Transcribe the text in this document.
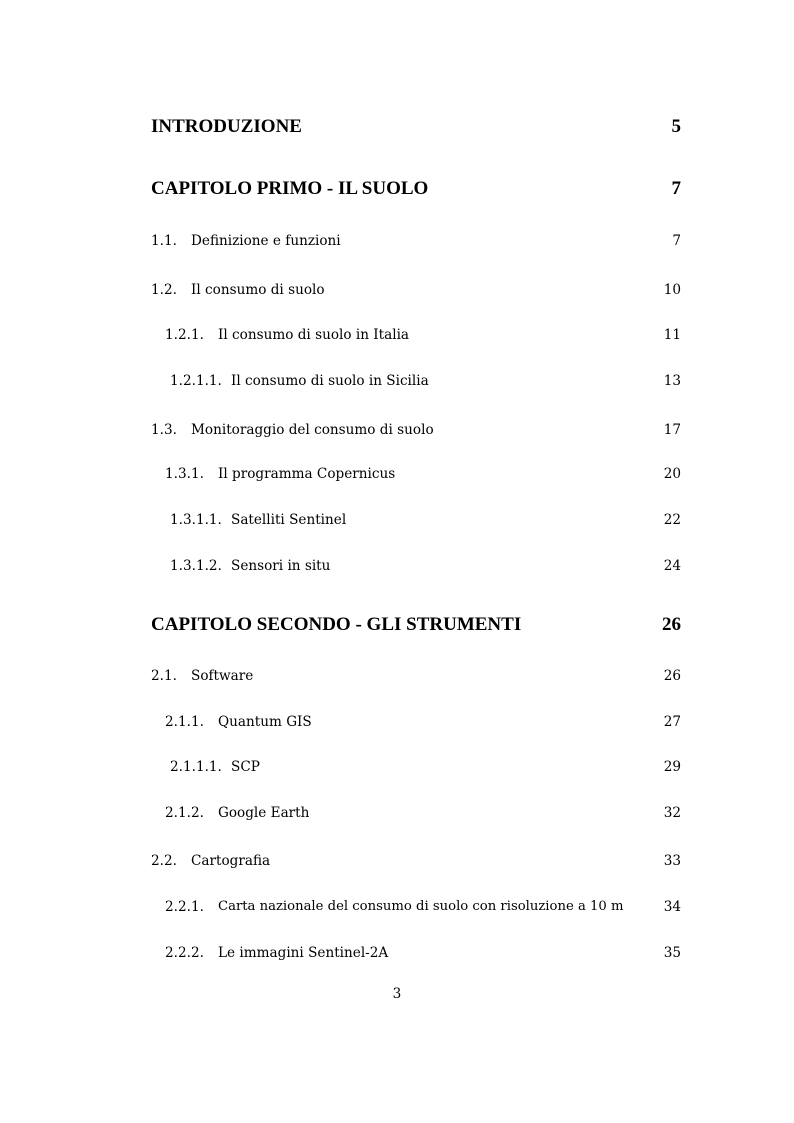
INTRODUZIONE	5
CAPITOLO PRIMO - IL SUOLO	7
1.1. Definizione e funzioni	7
1.2. Il consumo di suolo	10
1.2.1. Il consumo di suolo in Italia	11
1.2.1.1. Il consumo di suolo in Sicilia	13
1.3. Monitoraggio del consumo di suolo	17
1.3.1. Il programma Copernicus	20
1.3.1.1. Satelliti Sentinel	22
1.3.1.2. Sensori in situ	24
CAPITOLO SECONDO - GLI STRUMENTI	26
2.1. Software	26
2.1.1. Quantum GIS	27
2.1.1.1. SCP	29
2.1.2. Google Earth	32
2.2. Cartografia	33
2.2.1. Carta nazionale del consumo di suolo con risoluzione a 10 m	34
2.2.2. Le immagini Sentinel-2A	35
3
